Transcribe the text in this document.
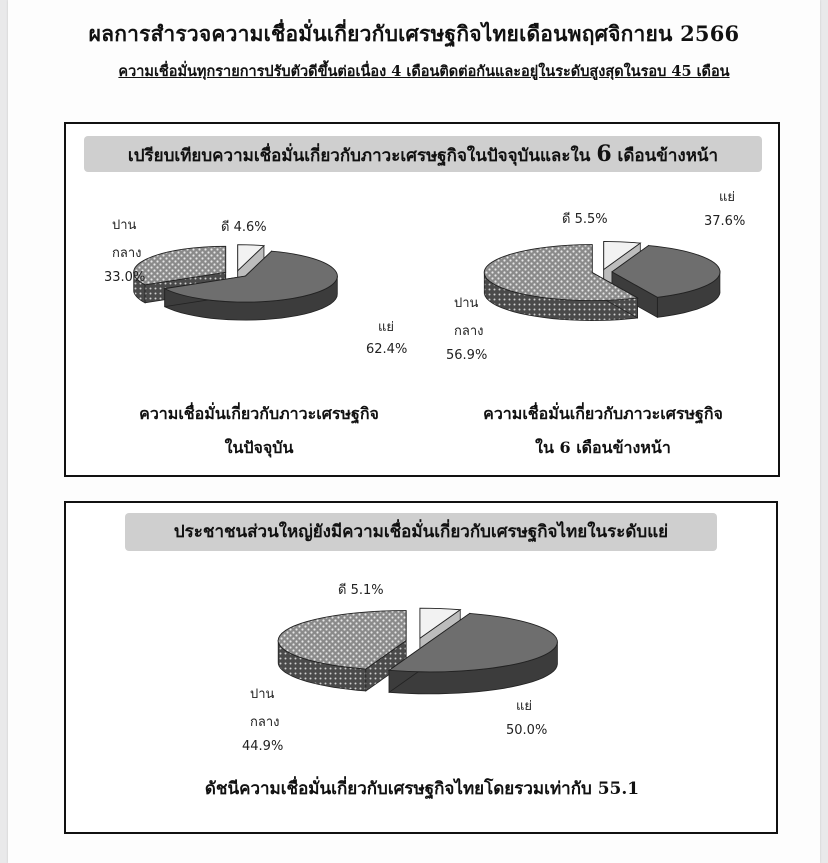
ผลการสำรวจความเชื่อมั่นเกี่ยวกับเศรษฐกิจไทยเดือนพฤศจิกายน 2566
ความเชื่อมั่นทุกรายการปรับตัวดีขึ้นต่อเนื่อง 4 เดือนติดต่อกันและอยู่ในระดับสูงสุดในรอบ 45 เดือน
เปรียบเทียบความเชื่อมั่นเกี่ยวกับภาวะเศรษฐกิจในปัจจุบันและใน 6 เดือนข้างหน้า
ปาน
กลาง
33.0%
ดี 4.6%
แย่
62.4%
ความเชื่อมั่นเกี่ยวกับภาวะเศรษฐกิจ
ในปัจจุบัน
ดี 5.5%
แย่
37.6%
ปาน
กลาง
56.9%
ความเชื่อมั่นเกี่ยวกับภาวะเศรษฐกิจ
ใน 6 เดือนข้างหน้า
ประชาชนส่วนใหญ่ยังมีความเชื่อมั่นเกี่ยวกับเศรษฐกิจไทยในระดับแย่
ดี 5.1%
แย่
50.0%
ปาน
กลาง
44.9%
ดัชนีความเชื่อมั่นเกี่ยวกับเศรษฐกิจไทยโดยรวมเท่ากับ 55.1
